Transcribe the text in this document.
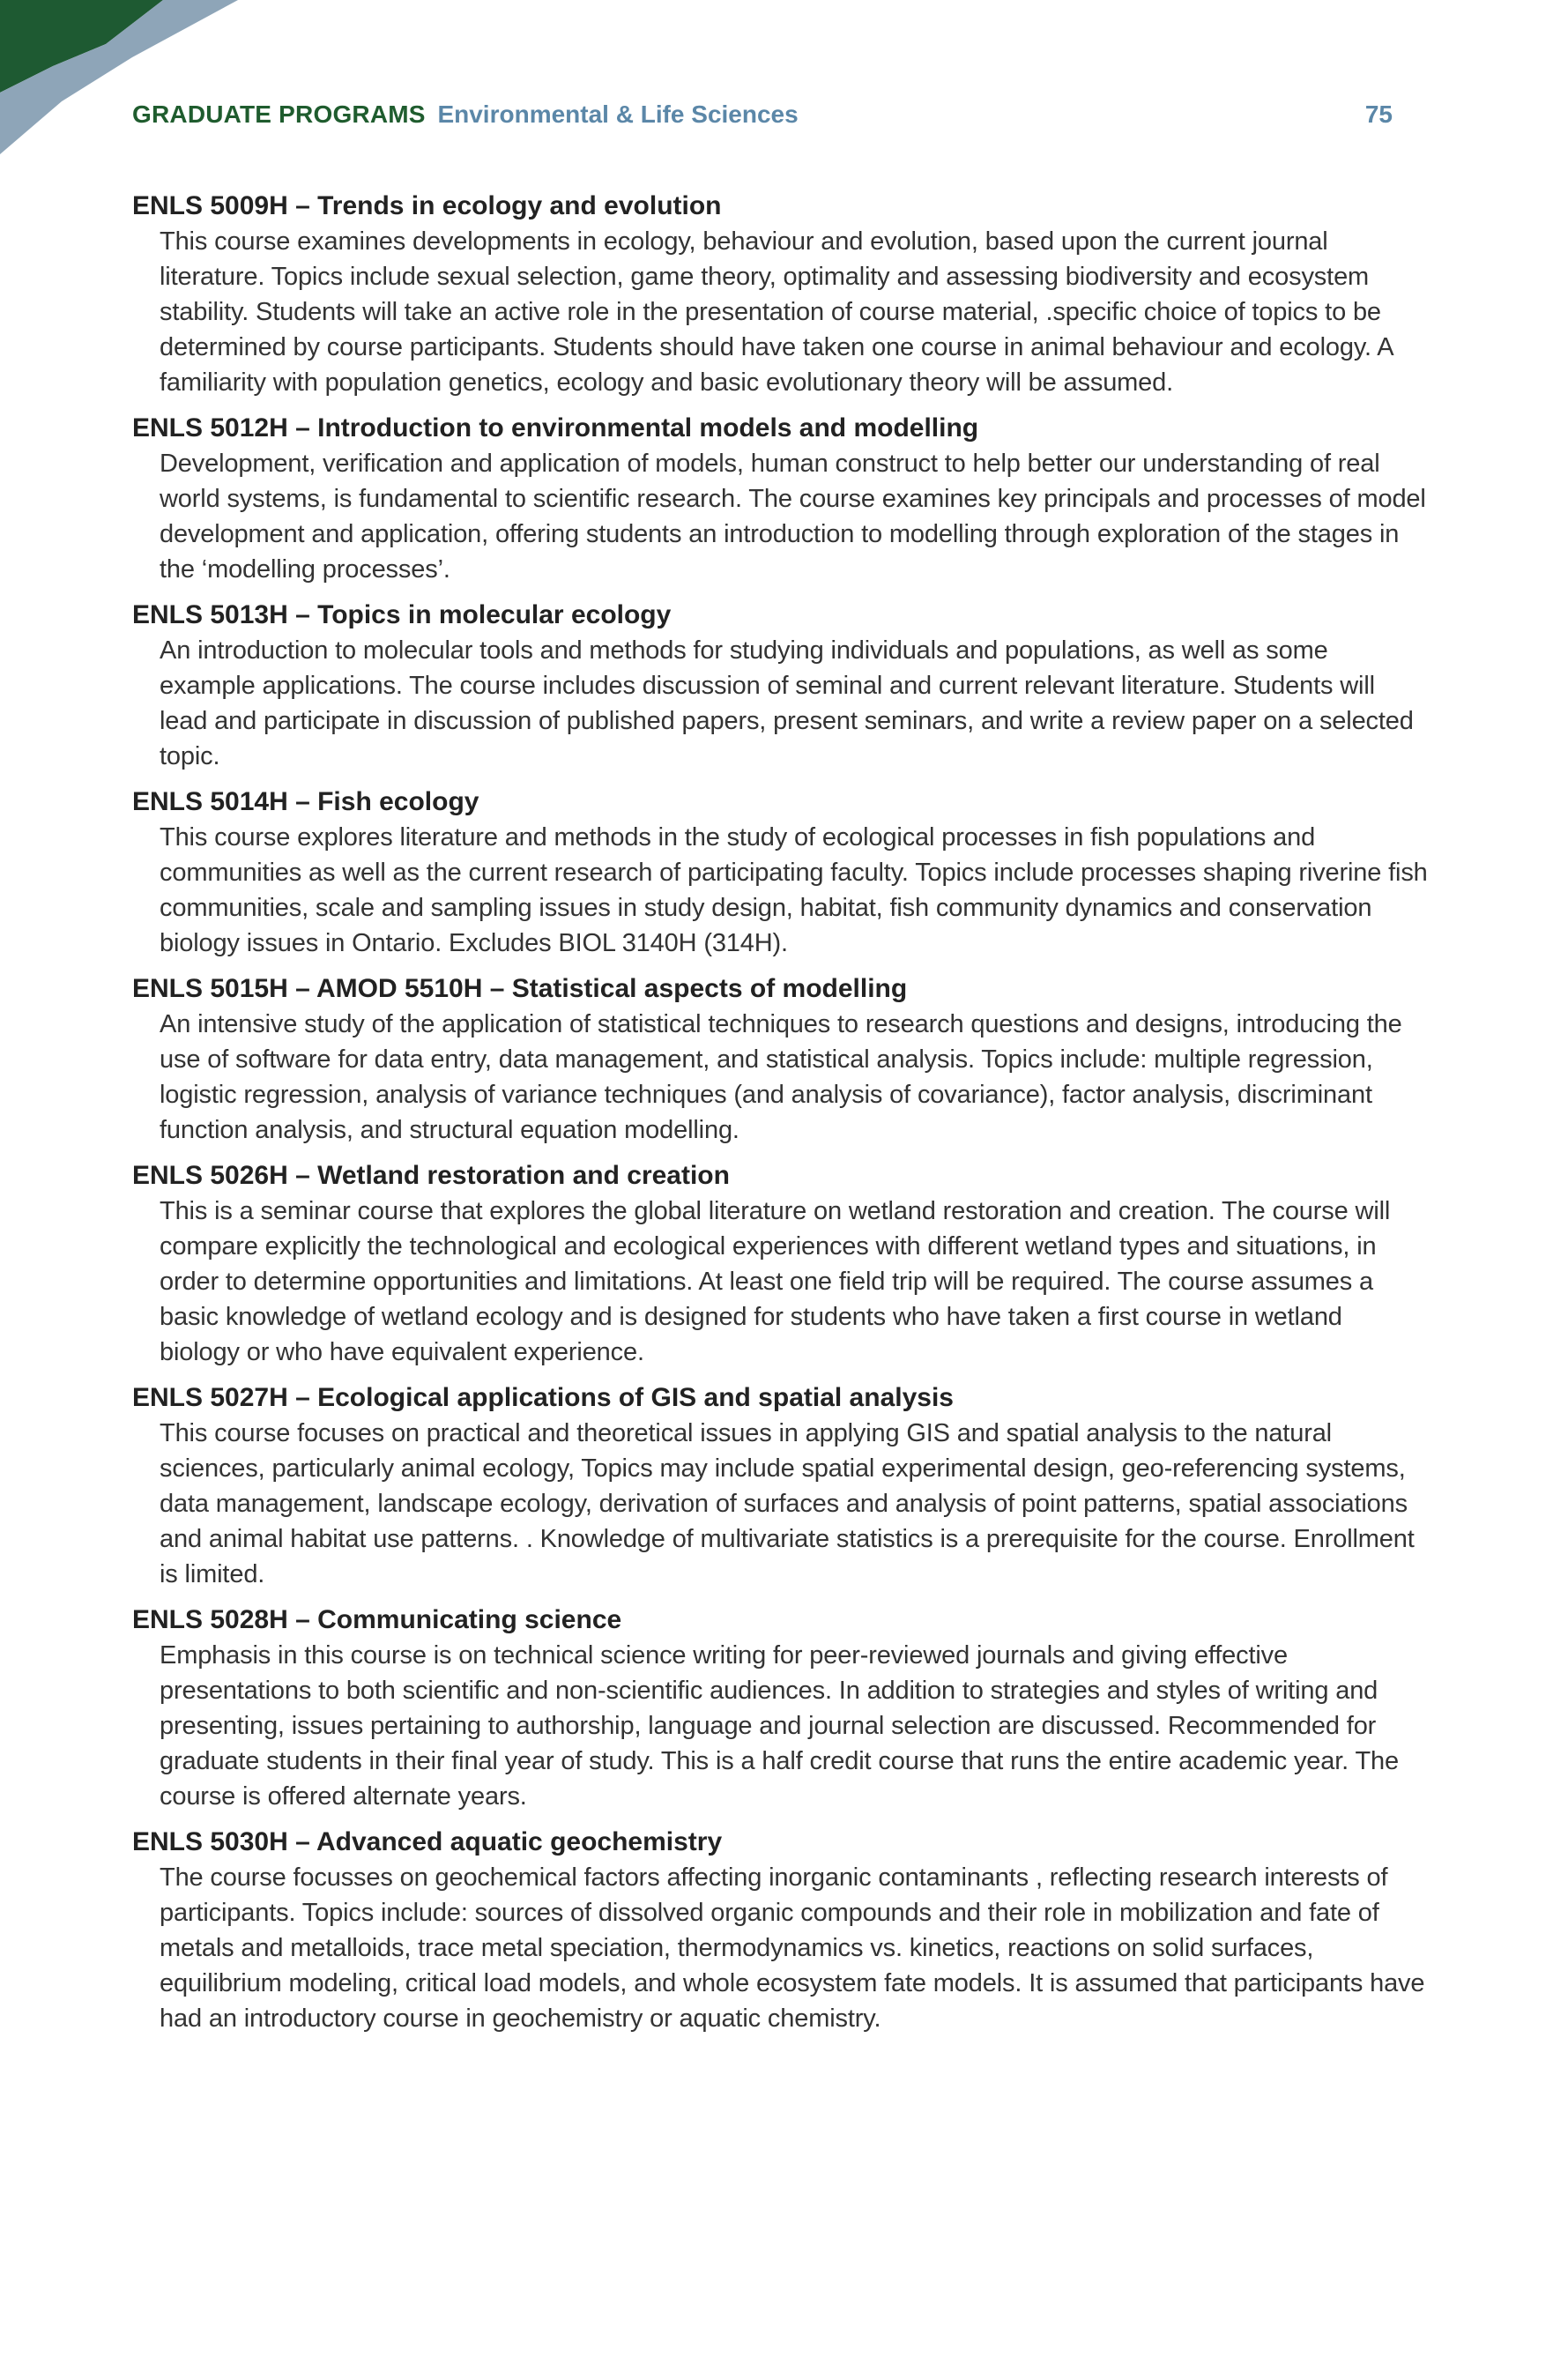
GRADUATE PROGRAMS Environmental & Life Sciences	75
ENLS 5009H – Trends in ecology and evolution
This course examines developments in ecology, behaviour and evolution, based upon the current journal literature. Topics include sexual selection, game theory, optimality and assessing biodiversity and ecosystem stability. Students will take an active role in the presentation of course material, .specific choice of topics to be determined by course participants. Students should have taken one course in animal behaviour and ecology. A familiarity with population genetics, ecology and basic evolutionary theory will be assumed.
ENLS 5012H – Introduction to environmental models and modelling
Development, verification and application of models, human construct to help better our understanding of real world systems, is fundamental to scientific research. The course examines key principals and processes of model development and application, offering students an introduction to modelling through exploration of the stages in the ‘modelling processes’.
ENLS 5013H – Topics in molecular ecology
An introduction to molecular tools and methods for studying individuals and populations, as well as some example applications. The course includes discussion of seminal and current relevant literature. Students will lead and participate in discussion of published papers, present seminars, and write a review paper on a selected topic.
ENLS 5014H – Fish ecology
This course explores literature and methods in the study of ecological processes in fish populations and communities as well as the current research of participating faculty. Topics include processes shaping riverine fish communities, scale and sampling issues in study design, habitat, fish community dynamics and conservation biology issues in Ontario. Excludes BIOL 3140H (314H).
ENLS 5015H – AMOD 5510H – Statistical aspects of modelling
An intensive study of the application of statistical techniques to research questions and designs, introducing the use of software for data entry, data management, and statistical analysis. Topics include: multiple regression, logistic regression, analysis of variance techniques (and analysis of covariance), factor analysis, discriminant function analysis, and structural equation modelling.
ENLS 5026H – Wetland restoration and creation
This is a seminar course that explores the global literature on wetland restoration and creation. The course will compare explicitly the technological and ecological experiences with different wetland types and situations, in order to determine opportunities and limitations. At least one field trip will be required. The course assumes a basic knowledge of wetland ecology and is designed for students who have taken a first course in wetland biology or who have equivalent experience.
ENLS 5027H – Ecological applications of GIS and spatial analysis
This course focuses on practical and theoretical issues in applying GIS and spatial analysis to the natural sciences, particularly animal ecology, Topics may include spatial experimental design, geo-referencing systems, data management, landscape ecology, derivation of surfaces and analysis of point patterns, spatial associations and animal habitat use patterns. . Knowledge of multivariate statistics is a prerequisite for the course. Enrollment is limited.
ENLS 5028H – Communicating science
Emphasis in this course is on technical science writing for peer-reviewed journals and giving effective presentations to both scientific and non-scientific audiences. In addition to strategies and styles of writing and presenting, issues pertaining to authorship, language and journal selection are discussed. Recommended for graduate students in their final year of study. This is a half credit course that runs the entire academic year. The course is offered alternate years.
ENLS 5030H – Advanced aquatic geochemistry
The course focusses on geochemical factors affecting inorganic contaminants , reflecting research interests of participants. Topics include: sources of dissolved organic compounds and their role in mobilization and fate of metals and metalloids, trace metal speciation, thermodynamics vs. kinetics, reactions on solid surfaces, equilibrium modeling, critical load models, and whole ecosystem fate models. It is assumed that participants have had an introductory course in geochemistry or aquatic chemistry.
